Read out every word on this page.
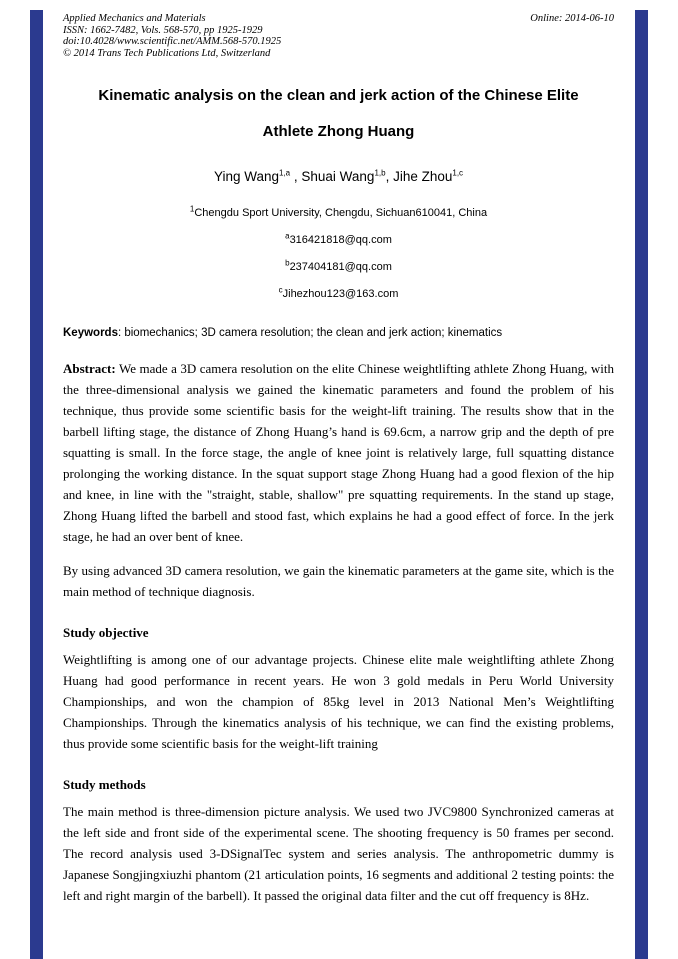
Applied Mechanics and Materials
ISSN: 1662-7482, Vols. 568-570, pp 1925-1929
doi:10.4028/www.scientific.net/AMM.568-570.1925
© 2014 Trans Tech Publications Ltd, Switzerland
Online: 2014-06-10
Kinematic analysis on the clean and jerk action of the Chinese Elite
Athlete Zhong Huang
Ying Wang$^{1,a}$ , Shuai Wang$^{1,b}$, Jihe Zhou$^{1,c}$
$^1$Chengdu Sport University, Chengdu, Sichuan610041, China
$^a$316421818@qq.com
$^b$237404181@qq.com
$^c$Jihezhou123@163.com
Keywords: biomechanics; 3D camera resolution; the clean and jerk action; kinematics

Abstract: We made a 3D camera resolution on the elite Chinese weightlifting athlete Zhong Huang, with the three-dimensional analysis we gained the kinematic parameters and found the problem of his technique, thus provide some scientific basis for the weight-lift training. The results show that in the barbell lifting stage, the distance of Zhong Huang’s hand is 69.6cm, a narrow grip and the depth of pre squatting is small. In the force stage, the angle of knee joint is relatively large, full squatting distance prolonging the working distance. In the squat support stage Zhong Huang had a good flexion of the hip and knee, in line with the "straight, stable, shallow" pre squatting requirements. In the stand up stage, Zhong Huang lifted the barbell and stood fast, which explains he had a good effect of force. In the jerk stage, he had an over bent of knee.

By using advanced 3D camera resolution, we gain the kinematic parameters at the game site, which is the main method of technique diagnosis.

Study objective

Weightlifting is among one of our advantage projects. Chinese elite male weightlifting athlete Zhong Huang had good performance in recent years. He won 3 gold medals in Peru World University Championships, and won the champion of 85kg level in 2013 National Men’s Weightlifting Championships. Through the kinematics analysis of his technique, we can find the existing problems, thus provide some scientific basis for the weight-lift training

Study methods

The main method is three-dimension picture analysis. We used two JVC9800 Synchronized cameras at the left side and front side of the experimental scene. The shooting frequency is 50 frames per second. The record analysis used 3-DSignalTec system and series analysis. The anthropometric dummy is Japanese Songjingxiuzhi phantom (21 articulation points, 16 segments and additional 2 testing points: the left and right margin of the barbell). It passed the original data filter and the cut off frequency is 8Hz.
